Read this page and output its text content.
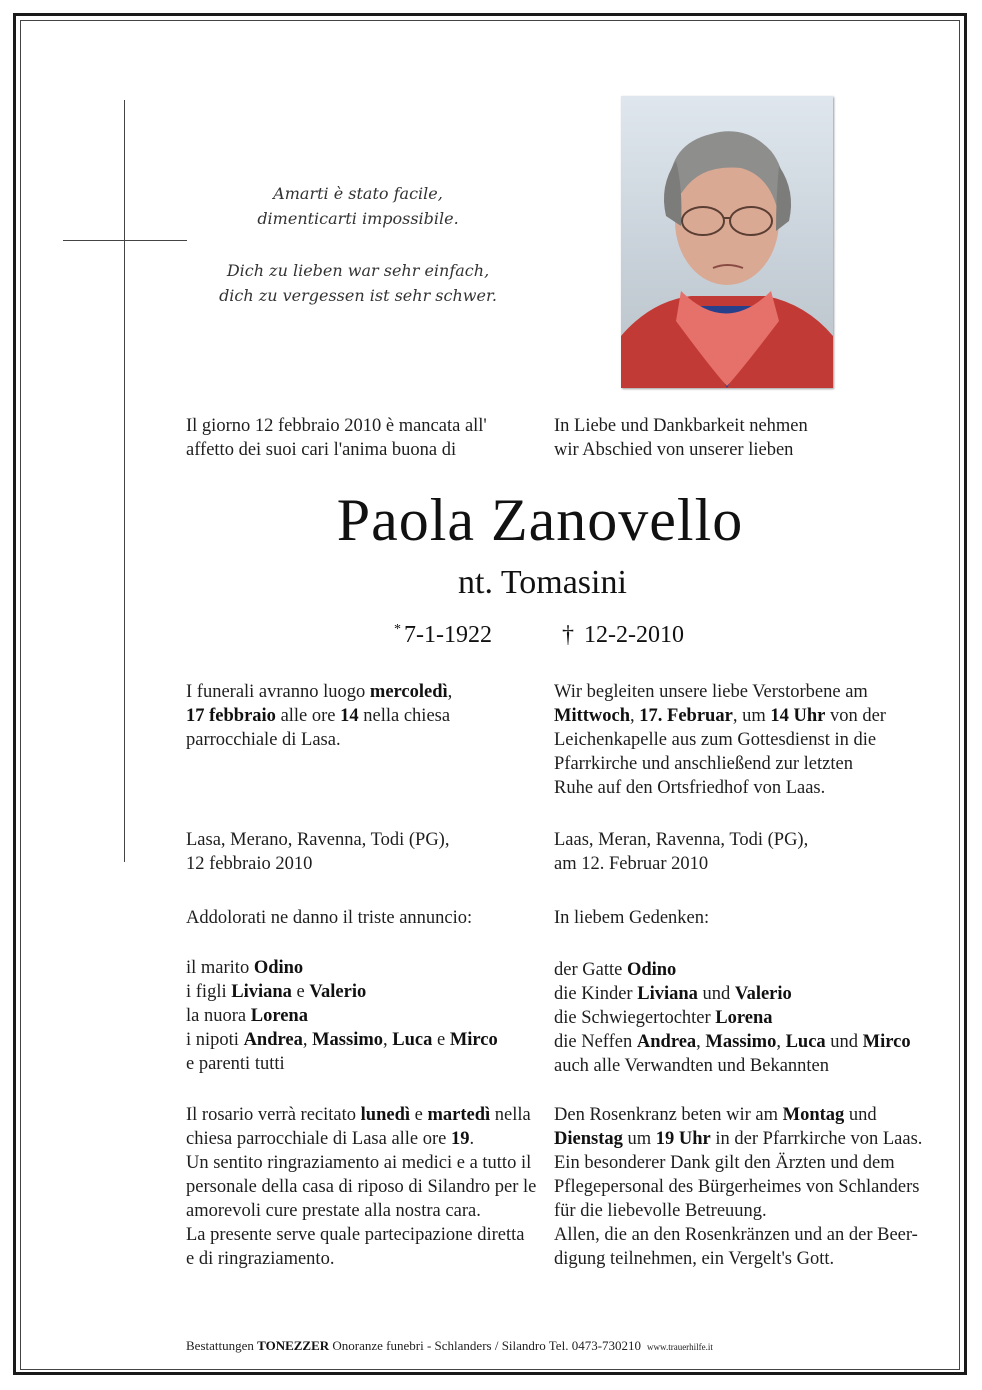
Amarti è stato facile,
dimenticarti impossibile.
Dich zu lieben war sehr einfach,
dich zu vergessen ist sehr schwer.
Il giorno 12 febbraio 2010 è mancata all'
affetto dei suoi cari l'anima buona di
In Liebe und Dankbarkeit nehmen
wir Abschied von unserer lieben
Paola Zanovello
nt. Tomasini
* 7-1-1922	† 12-2-2010
I funerali avranno luogo mercoledì,
17 febbraio alle ore 14 nella chiesa
parrocchiale di Lasa.
Wir begleiten unsere liebe Verstorbene am
Mittwoch, 17. Februar, um 14 Uhr von der
Leichenkapelle aus zum Gottesdienst in die
Pfarrkirche und anschließend zur letzten
Ruhe auf den Ortsfriedhof von Laas.
Lasa, Merano, Ravenna, Todi (PG),
12 febbraio 2010
Laas, Meran, Ravenna, Todi (PG),
am 12. Februar 2010
Addolorati ne danno il triste annuncio:	In liebem Gedenken:
il marito Odino
i figli Liviana e Valerio
la nuora Lorena
i nipoti Andrea, Massimo, Luca e Mirco
e parenti tutti
der Gatte Odino
die Kinder Liviana und Valerio
die Schwiegertochter Lorena
die Neffen Andrea, Massimo, Luca und Mirco
auch alle Verwandten und Bekannten
Il rosario verrà recitato lunedì e martedì nella
chiesa parrocchiale di Lasa alle ore 19.
Un sentito ringraziamento ai medici e a tutto il
personale della casa di riposo di Silandro per le
amorevoli cure prestate alla nostra cara.
La presente serve quale partecipazione diretta
e di ringraziamento.
Den Rosenkranz beten wir am Montag und
Dienstag um 19 Uhr in der Pfarrkirche von Laas.
Ein besonderer Dank gilt den Ärzten und dem
Pflegepersonal des Bürgerheimes von Schlanders
für die liebevolle Betreuung.
Allen, die an den Rosenkränzen und an der Beer-
digung teilnehmen, ein Vergelt's Gott.
Bestattungen TONEZZER Onoranze funebri - Schlanders / Silandro Tel. 0473-730210 www.trauerhilfe.it
